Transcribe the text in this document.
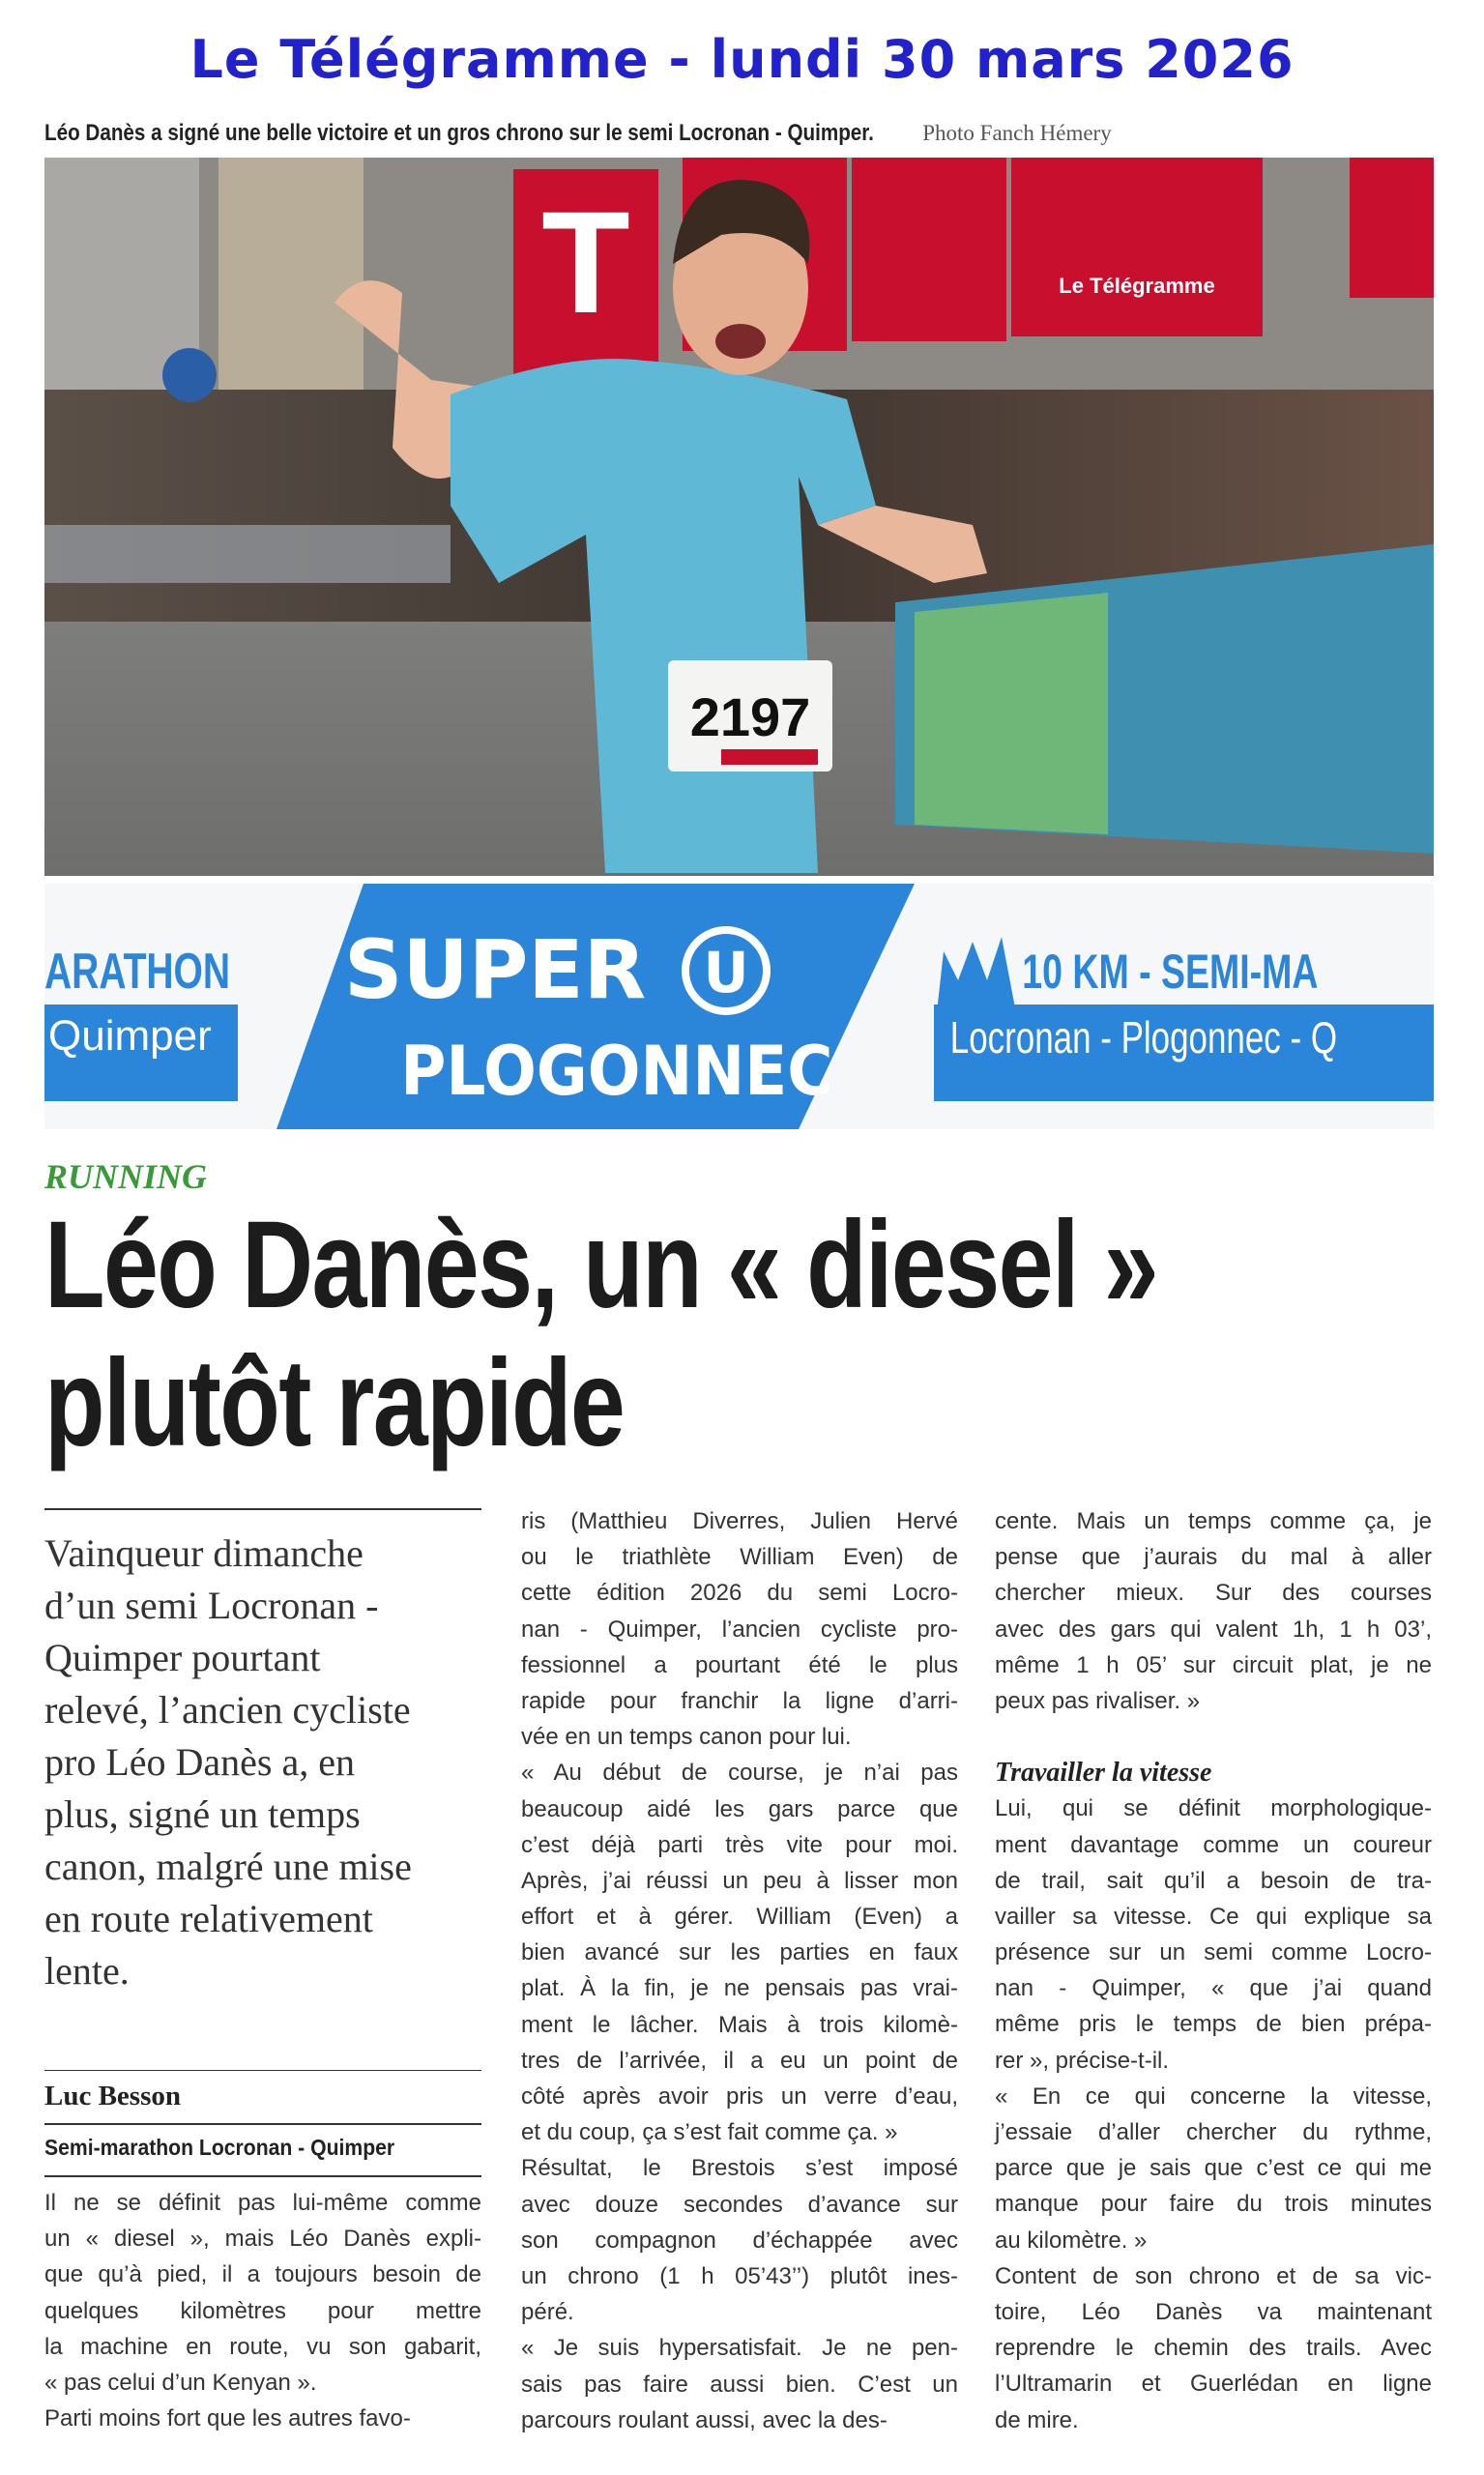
Le Télégramme - lundi 30 mars 2026
Léo Danès a signé une belle victoire et un gros chrono sur le semi Locronan - Quimper. Photo Fanch Hémery
T	Le Télégramme
2197
ARATHON
Quimper
SUPER U
PLOGONNEC
10 KM - SEMI-MA
Locronan - Plogonnec - Q
RUNNING
Léo Danès, un « diesel »
plutôt rapide
Vainqueur dimanche
d’un semi Locronan -
Quimper pourtant
relevé, l’ancien cycliste
pro Léo Danès a, en
plus, signé un temps
canon, malgré une mise
en route relativement
lente.
Luc Besson
Semi-marathon Locronan - Quimper
Il ne se définit pas lui-même comme
un « diesel », mais Léo Danès expli-
que qu’à pied, il a toujours besoin de
quelques kilomètres pour mettre
la machine en route, vu son gabarit,
« pas celui d’un Kenyan ».
Parti moins fort que les autres favo-
ris (Matthieu Diverres, Julien Hervé
ou le triathlète William Even) de
cette édition 2026 du semi Locro-
nan - Quimper, l’ancien cycliste pro-
fessionnel a pourtant été le plus
rapide pour franchir la ligne d’arri-
vée en un temps canon pour lui.
« Au début de course, je n’ai pas
beaucoup aidé les gars parce que
c’est déjà parti très vite pour moi.
Après, j’ai réussi un peu à lisser mon
effort et à gérer. William (Even) a
bien avancé sur les parties en faux
plat. À la fin, je ne pensais pas vrai-
ment le lâcher. Mais à trois kilomè-
tres de l’arrivée, il a eu un point de
côté après avoir pris un verre d’eau,
et du coup, ça s’est fait comme ça. »
Résultat, le Brestois s’est imposé
avec douze secondes d’avance sur
son compagnon d’échappée avec
un chrono (1 h 05’43’’) plutôt ines-
péré.
« Je suis hypersatisfait. Je ne pen-
sais pas faire aussi bien. C’est un
parcours roulant aussi, avec la des-
cente. Mais un temps comme ça, je
pense que j’aurais du mal à aller
chercher mieux. Sur des courses
avec des gars qui valent 1h, 1 h 03’,
même 1 h 05’ sur circuit plat, je ne
peux pas rivaliser. »
Travailler la vitesse
Lui, qui se définit morphologique-
ment davantage comme un coureur
de trail, sait qu’il a besoin de tra-
vailler sa vitesse. Ce qui explique sa
présence sur un semi comme Locro-
nan - Quimper, « que j’ai quand
même pris le temps de bien prépa-
rer », précise-t-il.
« En ce qui concerne la vitesse,
j’essaie d’aller chercher du rythme,
parce que je sais que c’est ce qui me
manque pour faire du trois minutes
au kilomètre. »
Content de son chrono et de sa vic-
toire, Léo Danès va maintenant
reprendre le chemin des trails. Avec
l’Ultramarin et Guerlédan en ligne
de mire.
